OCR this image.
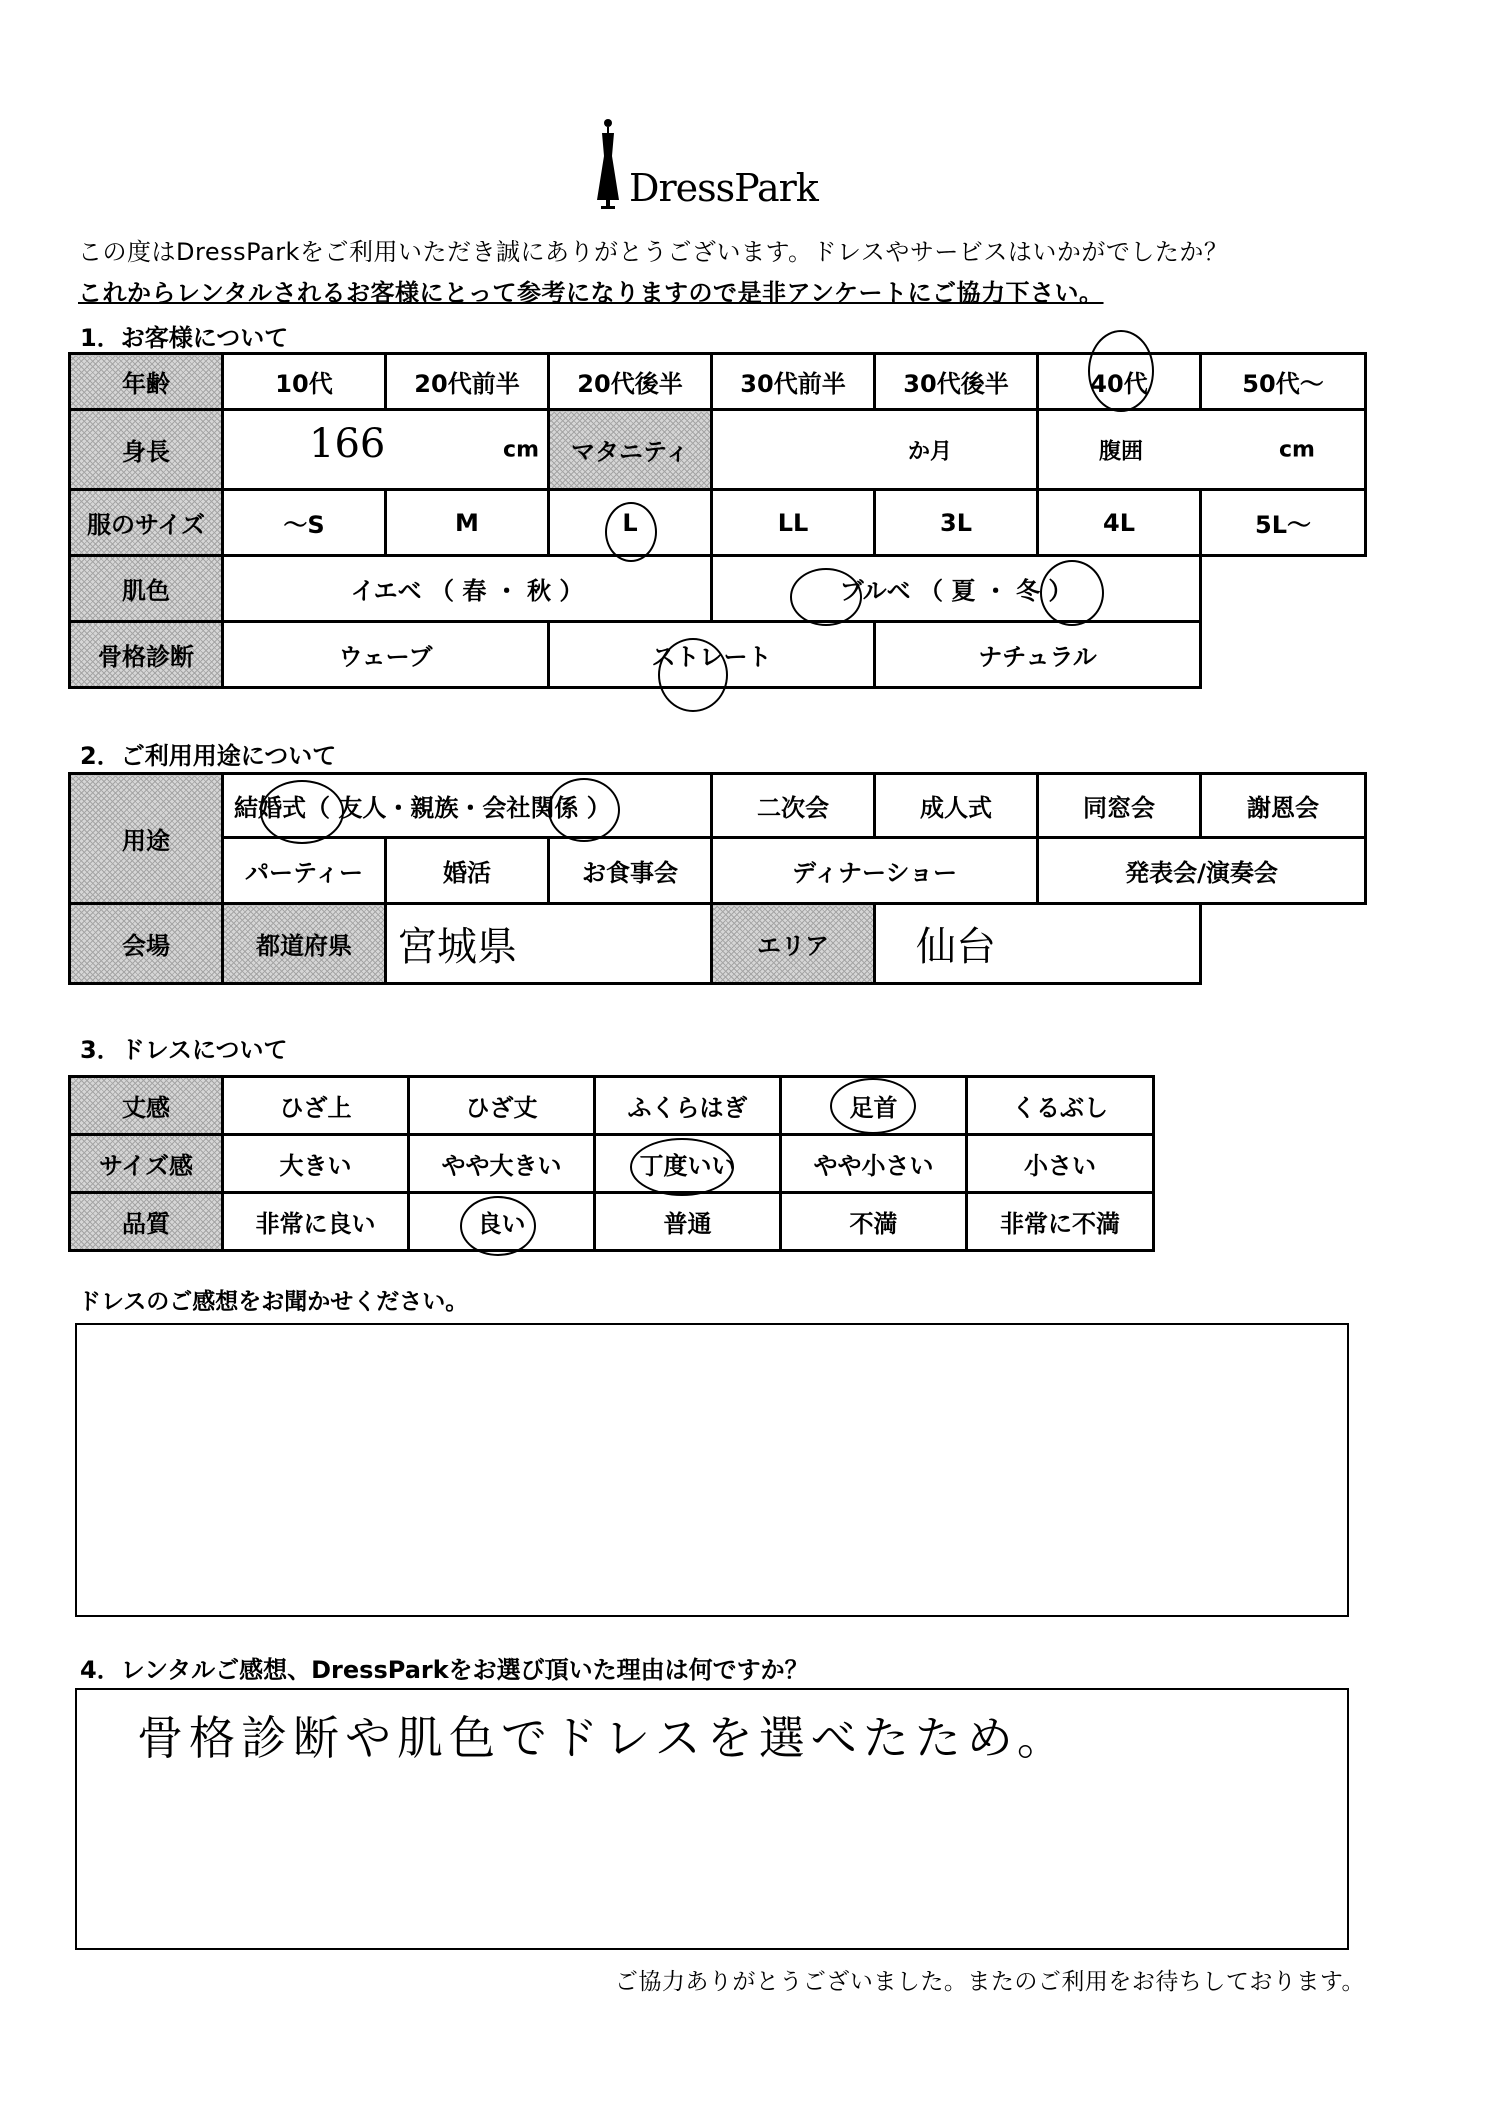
DressPark
この度はDressParkをご利用いただき誠にありがとうございます。ドレスやサービスはいかがでしたか？
これからレンタルされるお客様にとって参考になりますので是非アンケートにご協力下さい。
1．お客様について
年齢	10代	20代前半	20代後半	30代前半	30代後半	40代	50代～
身長	166 cm		マタニティ	か月		腹囲 cm	

服のサイズ	～S	M	L	LL	3L	4L	5L～
肌色	イエベ （ 春 ・ 秋 ）			ブルベ （ 夏 ・ 冬 ）			
骨格診断	ウェーブ		ストレート		ナチュラル		
2．ご利用用途について
用途	結婚式（ 友人・親族・会社関係 ）			二次会	成人式	同窓会	謝恩会
	パーティー	婚活	お食事会	ディナーショー		発表会/演奏会	
会場	都道府県	宮城県		エリア	仙台		
3．ドレスについて
丈感	ひざ上	ひざ丈	ふくらはぎ	足首	くるぶし
サイズ感	大きい	やや大きい	丁度いい	やや小さい	小さい
品質	非常に良い	良い	普通	不満	非常に不満
ドレスのご感想をお聞かせください。
4．レンタルご感想、DressParkをお選び頂いた理由は何ですか？
骨格診断や肌色でドレスを選べたため。
ご協力ありがとうございました。またのご利用をお待ちしております。
